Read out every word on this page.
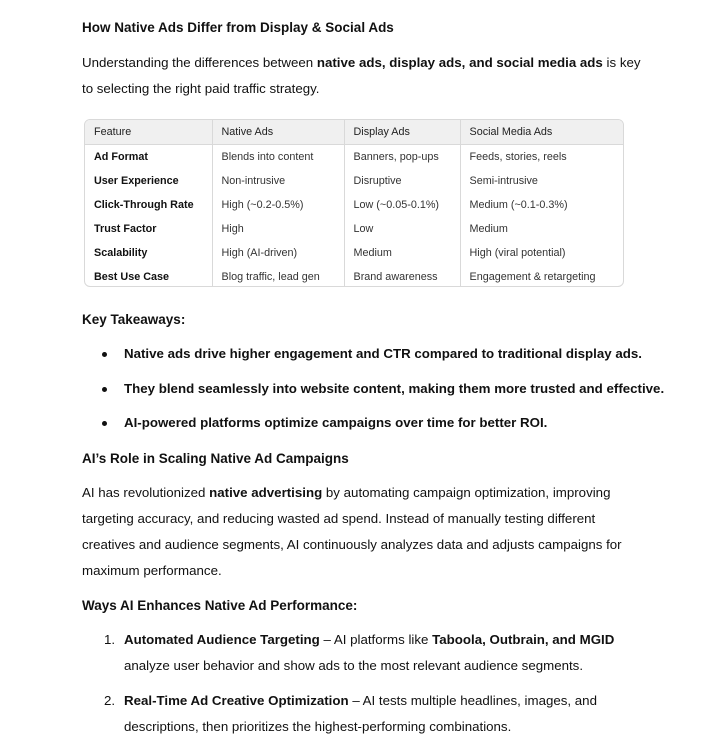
How Native Ads Differ from Display & Social Ads

Understanding the differences between native ads, display ads, and social media ads is key to selecting the right paid traffic strategy.

Feature	Native Ads	Display Ads	Social Media Ads
Ad Format	Blends into content	Banners, pop-ups	Feeds, stories, reels
User Experience	Non-intrusive	Disruptive	Semi-intrusive
Click-Through Rate	High (~0.2-0.5%)	Low (~0.05-0.1%)	Medium (~0.1-0.3%)
Trust Factor	High	Low	Medium
Scalability	High (AI-driven)	Medium	High (viral potential)
Best Use Case	Blog traffic, lead gen	Brand awareness	Engagement & retargeting
Key Takeaways:
Native ads drive higher engagement and CTR compared to traditional display ads.
They blend seamlessly into website content, making them more trusted and effective.
AI-powered platforms optimize campaigns over time for better ROI.
AI’s Role in Scaling Native Ad Campaigns

AI has revolutionized native advertising by automating campaign optimization, improving targeting accuracy, and reducing wasted ad spend. Instead of manually testing different creatives and audience segments, AI continuously analyzes data and adjusts campaigns for maximum performance.

Ways AI Enhances Native Ad Performance:
1. Automated Audience Targeting – AI platforms like Taboola, Outbrain, and MGID analyze user behavior and show ads to the most relevant audience segments.
2. Real-Time Ad Creative Optimization – AI tests multiple headlines, images, and descriptions, then prioritizes the highest-performing combinations.
